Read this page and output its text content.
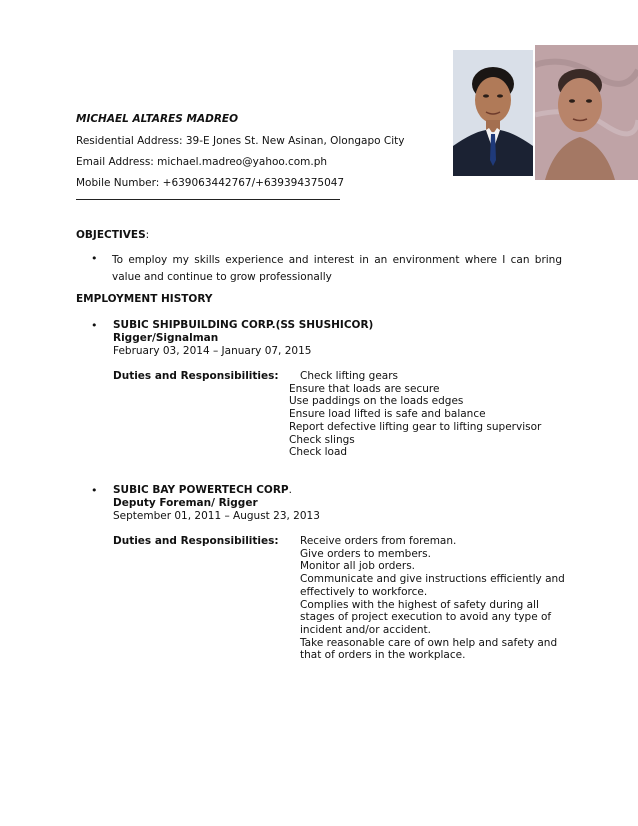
MICHAEL ALTARES MADREO
Residential Address: 39-E Jones St. New Asinan, Olongapo City
Email Address: michael.madreo@yahoo.com.ph
Mobile Number: +639063442767/+639394375047
OBJECTIVES:
• To employ my skills experience and interest in an environment where I can bring value and continue to grow professionally
EMPLOYMENT HISTORY
• SUBIC SHIPBUILDING CORP.(SS SHUSHICOR)
Rigger/Signalman
February 03, 2014 – January 07, 2015
Duties and Responsibilities:	Check lifting gears
Ensure that loads are secure
Use paddings on the loads edges
Ensure load lifted is safe and balance
Report defective lifting gear to lifting supervisor
Check slings
Check load
• SUBIC BAY POWERTECH CORP.
Deputy Foreman/ Rigger
September 01, 2011 – August 23, 2013
Duties and Responsibilities: Receive orders from foreman.
Give orders to members.
Monitor all job orders.
Communicate and give instructions efficiently and
effectively to workforce.
Complies with the highest of safety during all
stages of project execution to avoid any type of
incident and/or accident.
Take reasonable care of own help and safety and
that of orders in the workplace.
